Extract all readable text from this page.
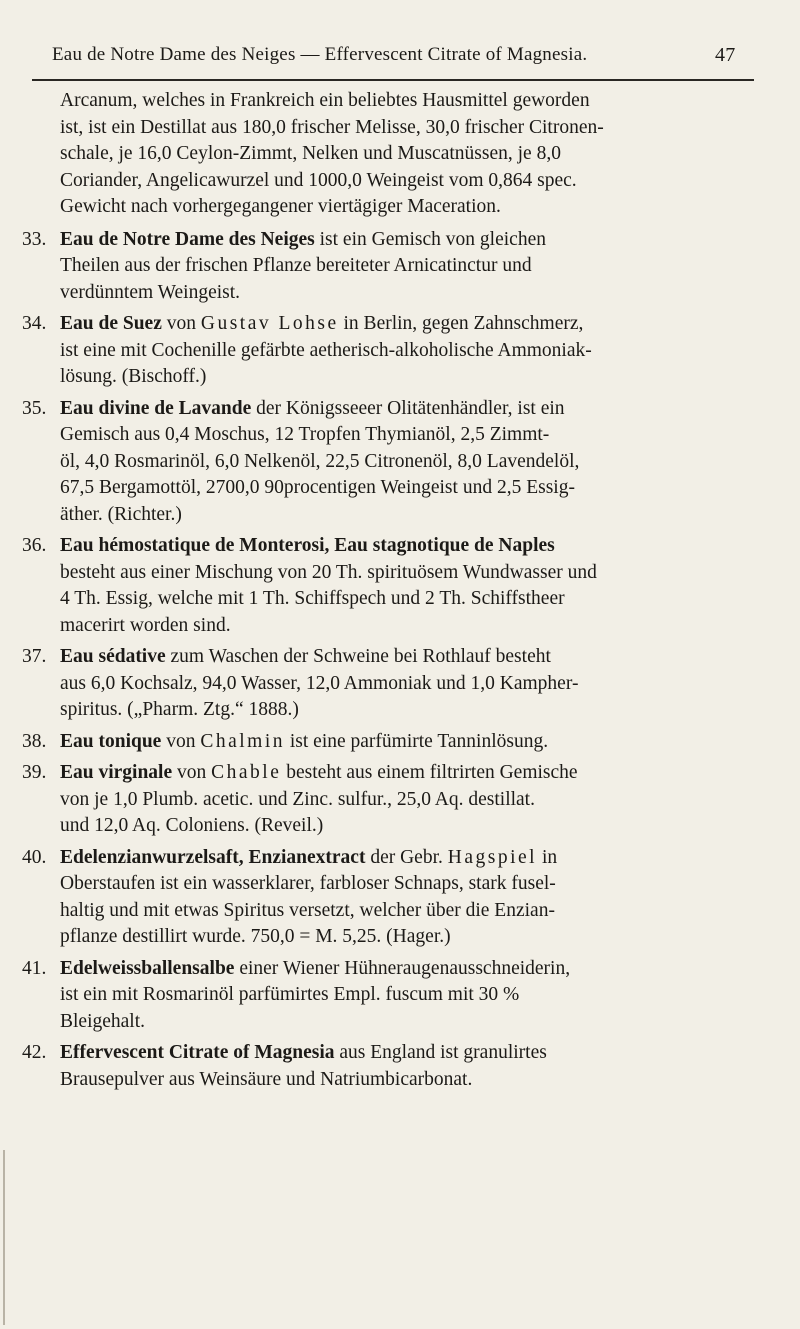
Eau de Notre Dame des Neiges — Effervescent Citrate of Magnesia.	47
Arcanum, welches in Frankreich ein beliebtes Hausmittel geworden
ist, ist ein Destillat aus 180,0 frischer Melisse, 30,0 frischer Citronen-
schale, je 16,0 Ceylon-Zimmt, Nelken und Muscatnüssen, je 8,0
Coriander, Angelicawurzel und 1000,0 Weingeist vom 0,864 spec.
Gewicht nach vorhergegangener viertägiger Maceration.
33. Eau de Notre Dame des Neiges ist ein Gemisch von gleichen
Theilen aus der frischen Pflanze bereiteter Arnicatinctur und
verdünntem Weingeist.
34. Eau de Suez von Gustav Lohse in Berlin, gegen Zahnschmerz,
ist eine mit Cochenille gefärbte aetherisch-alkoholische Ammoniak-
lösung. (Bischoff.)
35. Eau divine de Lavande der Königsseeer Olitätenhändler, ist ein
Gemisch aus 0,4 Moschus, 12 Tropfen Thymianöl, 2,5 Zimmt-
öl, 4,0 Rosmarinöl, 6,0 Nelkenöl, 22,5 Citronenöl, 8,0 Lavendelöl,
67,5 Bergamottöl, 2700,0 90procentigen Weingeist und 2,5 Essig-
äther. (Richter.)
36. Eau hémostatique de Monterosi, Eau stagnotique de Naples
besteht aus einer Mischung von 20 Th. spirituösem Wundwasser und
4 Th. Essig, welche mit 1 Th. Schiffspech und 2 Th. Schiffstheer
macerirt worden sind.
37. Eau sédative zum Waschen der Schweine bei Rothlauf besteht
aus 6,0 Kochsalz, 94,0 Wasser, 12,0 Ammoniak und 1,0 Kampher-
spiritus. („Pharm. Ztg.“ 1888.)
38. Eau tonique von Chalmin ist eine parfümirte Tanninlösung.
39. Eau virginale von Chable besteht aus einem filtrirten Gemische
von je 1,0 Plumb. acetic. und Zinc. sulfur., 25,0 Aq. destillat.
und 12,0 Aq. Coloniens. (Reveil.)
40. Edelenzianwurzelsaft, Enzianextract der Gebr. Hagspiel in
Oberstaufen ist ein wasserklarer, farbloser Schnaps, stark fusel-
haltig und mit etwas Spiritus versetzt, welcher über die Enzian-
pflanze destillirt wurde. 750,0 = M. 5,25. (Hager.)
41. Edelweissballensalbe einer Wiener Hühneraugenausschneiderin,
ist ein mit Rosmarinöl parfümirtes Empl. fuscum mit 30 %
Bleigehalt.
42. Effervescent Citrate of Magnesia aus England ist granulirtes
Brausepulver aus Weinsäure und Natriumbicarbonat.
